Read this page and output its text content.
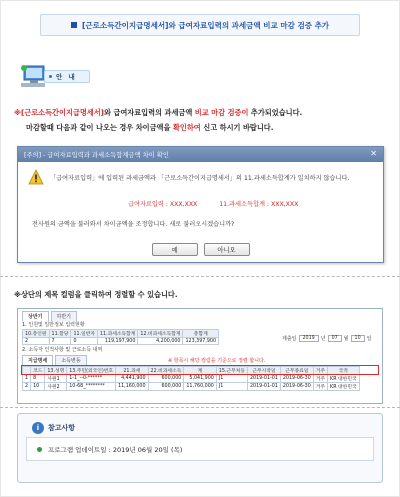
[근로소득간이지급명세서]와 급여자료입력의 과세금액 비교 마감 검증 추가
안 내
※[근로소득간이지급명세서]와 급여자료입력의 과세금액 비교 마감 검증이 추가되었습니다.
마감할때 다음과 같이 나오는 경우 차이금액을 확인하여 신고 하시기 바랍니다.
[주의] - 급여자료입력과 과세소득합계금액 차이 확인	✕
「급여자료입력」에 입력된 과세금액과 「근로소득간이지급명세서」의 11.과세소득합계가 일치하지 않습니다.
급여자료입력 : XXX,XXX	11.과세소득합계 : XXX,XXX
전사원의 금액을 불러와서 차이금액을 조정합니다. 새로 불러오시겠습니까?
예	아니오
※상단의 제목 컬럼을 클릭하여 정렬할 수 있습니다.
상반기	하반기
1. 인원및 일반정보 입력현황
10.총인원	11.할당	11.일반자	11.과세소득합계	12.비과세소득합계	총합계
2	7	0	119,197,900	4,200,000	123,397,900	제출일	2019	년	07	월	10	일
2. 소득자 인적사항 및 근로소득 내역
지급명세	소득변동	※ 항목시 해당 컬럼을 기준으로 정렬 합니다.
	코드	13.성명	13.주민(외국인)번호	21.과세	22.비과세소득	계	15.근무처등	근무시작일	근무종료일	거주	국적
1	8	사원1	1-1_--0-******	4,441,900	600,000	5,041,900	J1	2019-01-01	2019-06-30	거주	KR 대한민국
2	10	사원2	10-68_********	11,160,000	600,000	11,760,000	J1	2019-01-01	2019-06-30	거주	KR 대한민국
i	참고사항
프로그램 업데이트일 : 2019년 06월 20일 (목)
